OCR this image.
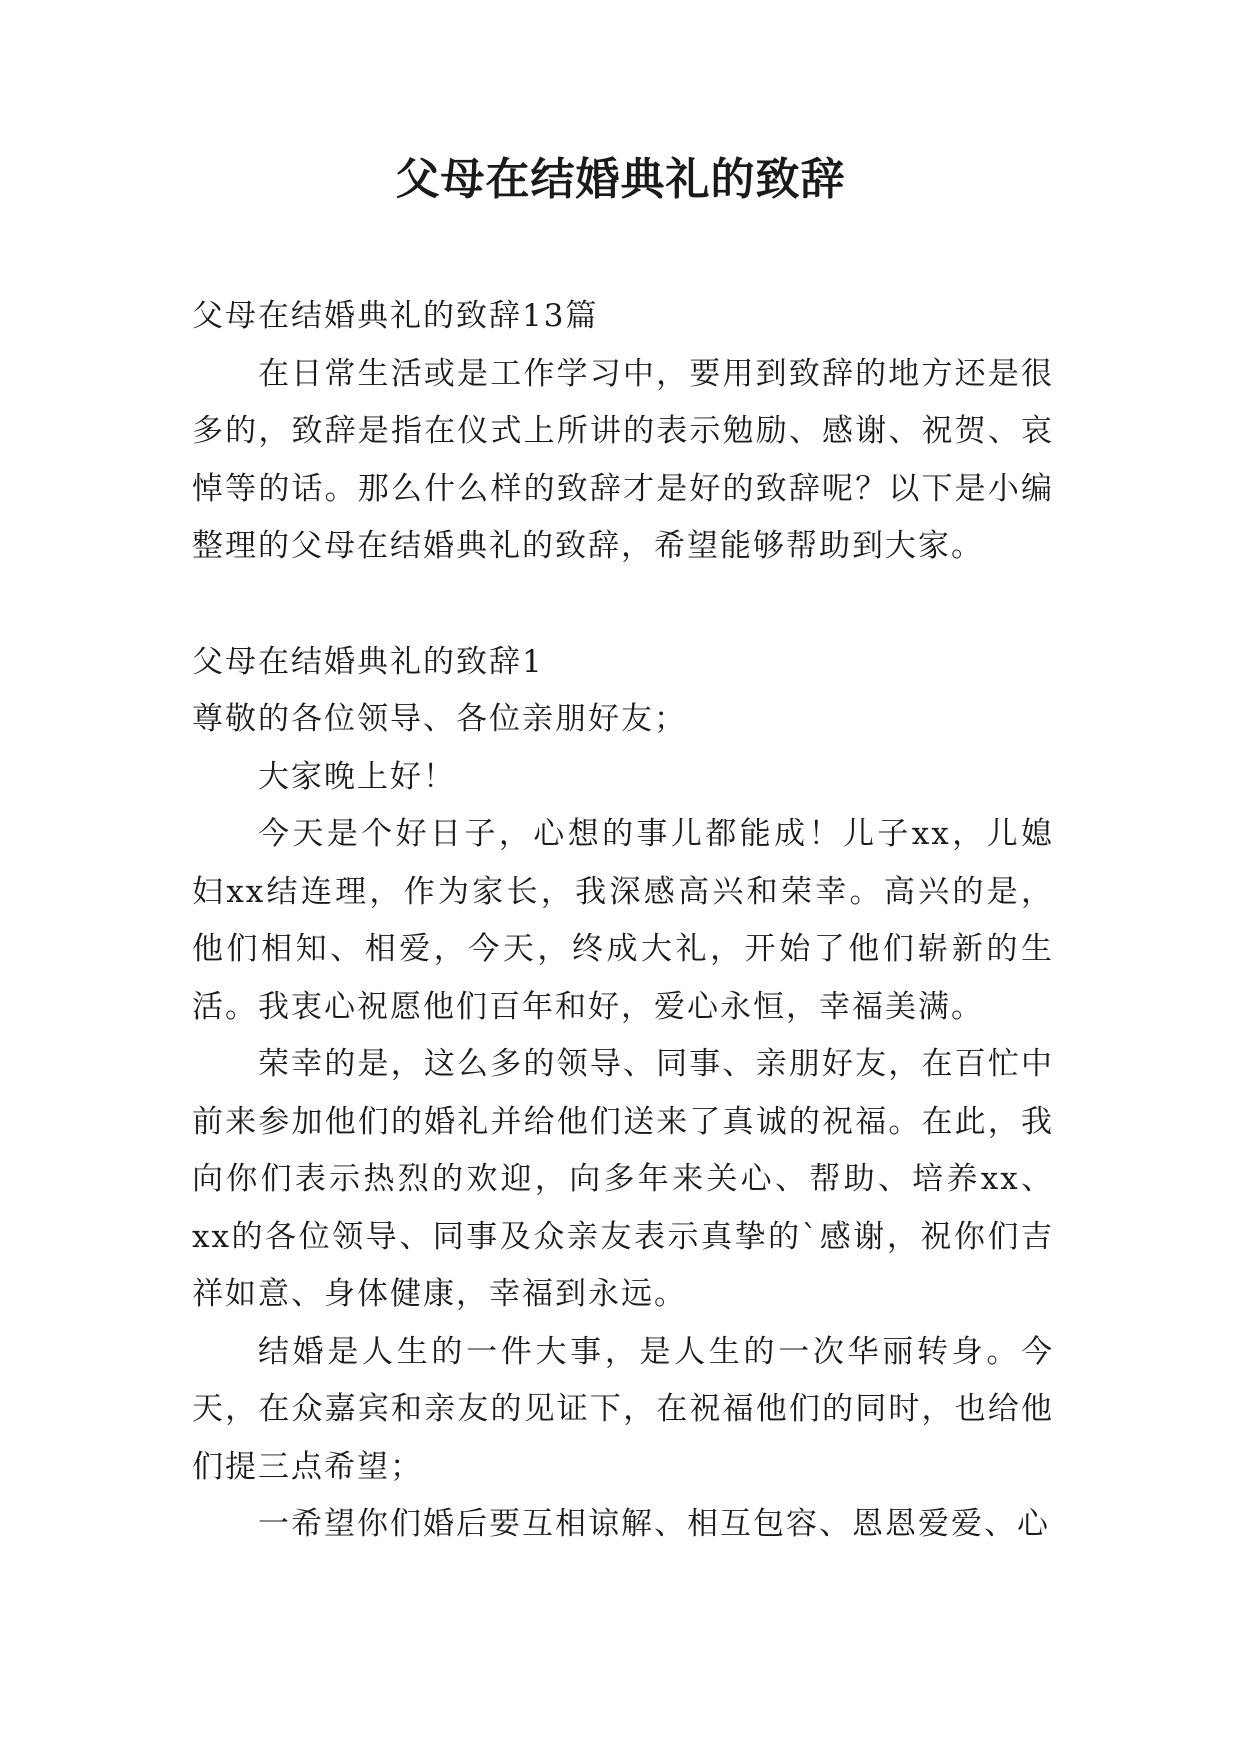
父母在结婚典礼的致辞

父母在结婚典礼的致辞13篇

在日常生活或是工作学习中，要用到致辞的地方还是很多的，致辞是指在仪式上所讲的表示勉励、感谢、祝贺、哀悼等的话。那么什么样的致辞才是好的致辞呢？以下是小编整理的父母在结婚典礼的致辞，希望能够帮助到大家。

父母在结婚典礼的致辞1

尊敬的各位领导、各位亲朋好友；

大家晚上好！

今天是个好日子，心想的事儿都能成！儿子xx，儿媳妇xx结连理，作为家长，我深感高兴和荣幸。高兴的是，他们相知、相爱，今天，终成大礼，开始了他们崭新的生活。我衷心祝愿他们百年和好，爱心永恒，幸福美满。

荣幸的是，这么多的领导、同事、亲朋好友，在百忙中前来参加他们的婚礼并给他们送来了真诚的祝福。在此，我向你们表示热烈的欢迎，向多年来关心、帮助、培养xx、xx的各位领导、同事及众亲友表示真挚的`感谢，祝你们吉祥如意、身体健康，幸福到永远。

结婚是人生的一件大事，是人生的一次华丽转身。今天，在众嘉宾和亲友的见证下，在祝福他们的同时，也给他们提三点希望；

一希望你们婚后要互相谅解、相互包容、恩恩爱爱、心
